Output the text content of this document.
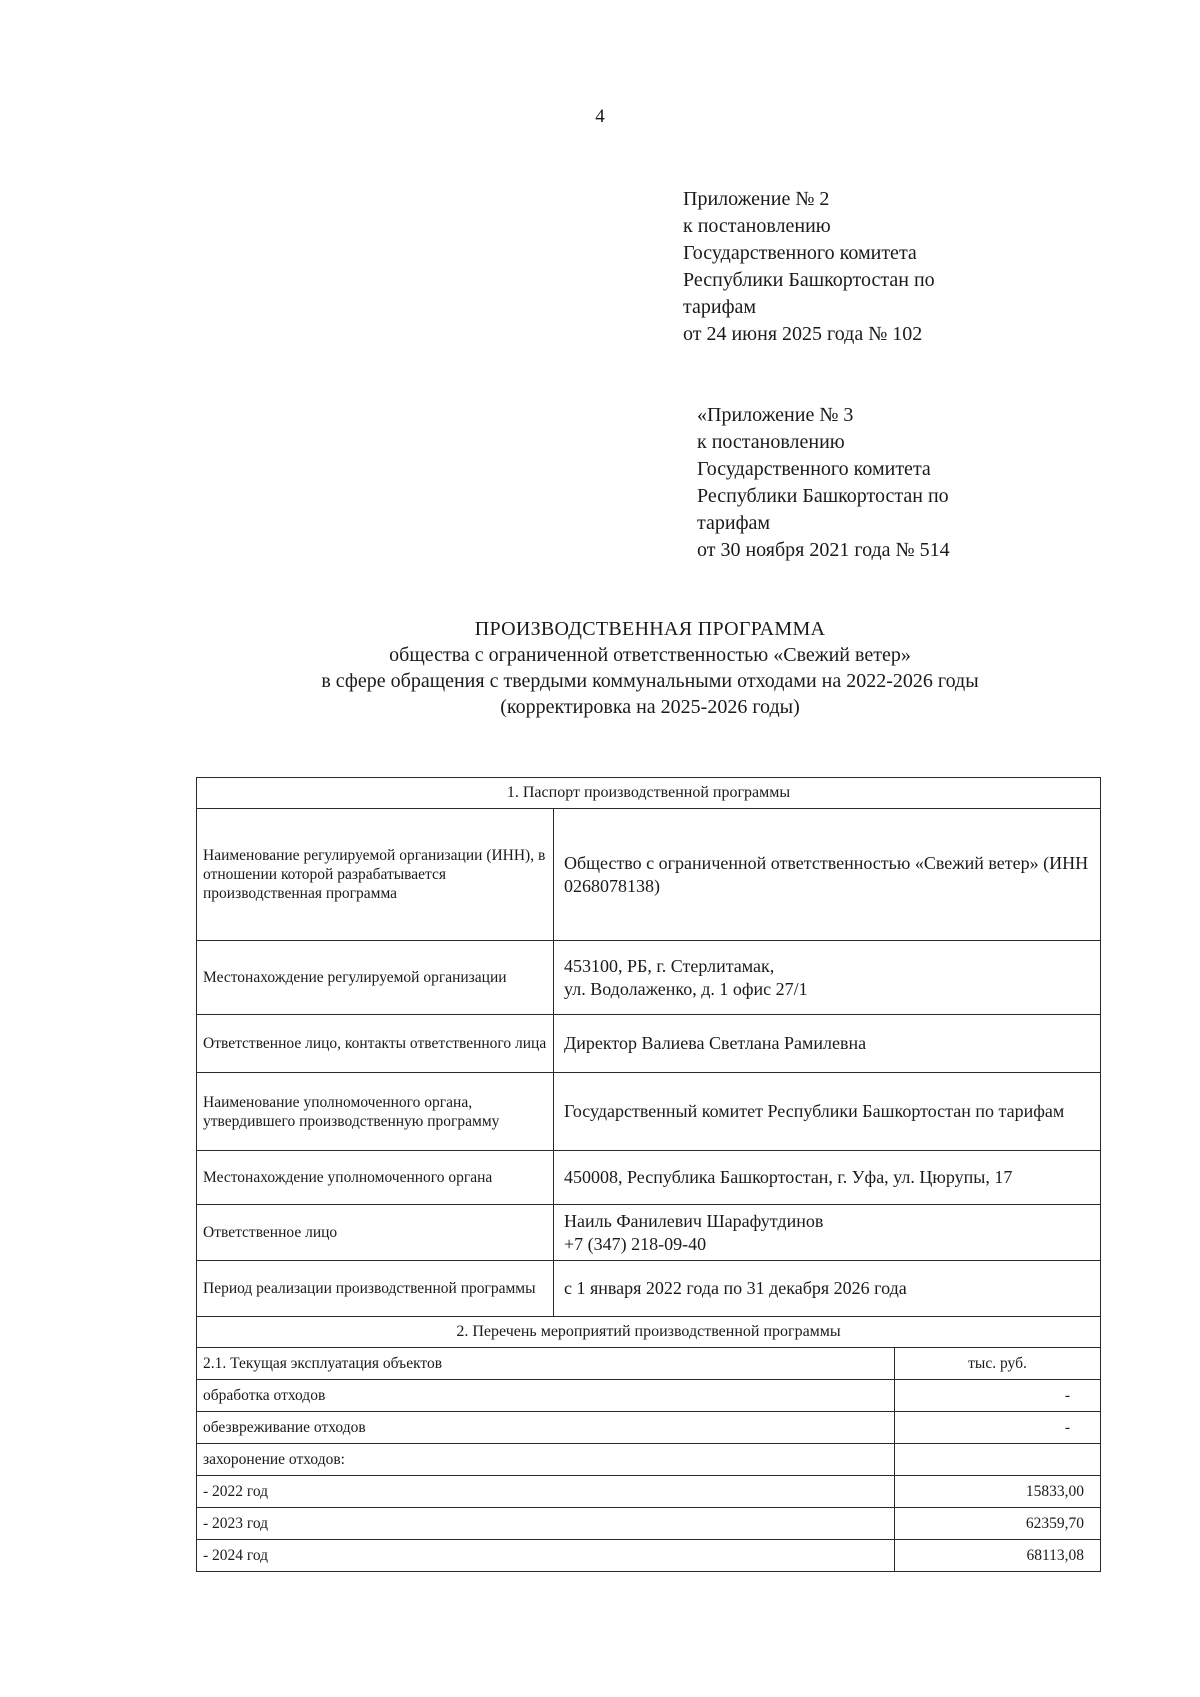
4
Приложение № 2
к постановлению
Государственного комитета
Республики Башкортостан по
тарифам
от 24 июня 2025 года № 102
«Приложение № 3
к постановлению
Государственного комитета
Республики Башкортостан по
тарифам
от 30 ноября 2021 года № 514
ПРОИЗВОДСТВЕННАЯ ПРОГРАММА
общества с ограниченной ответственностью «Свежий ветер»
в сфере обращения с твердыми коммунальными отходами на 2022-2026 годы
(корректировка на 2025-2026 годы)
1. Паспорт производственной программы		
Наименование регулируемой организации (ИНН), в отношении которой разрабатывается производственная программа	Общество с ограниченной ответственностью «Свежий ветер» (ИНН 0268078138)	
Местонахождение регулируемой организации	453100, РБ, г. Стерлитамак,
ул. Водолаженко, д. 1 офис 27/1	

Ответственное лицо, контакты ответственного лица	Директор Валиева Светлана Рамилевна	
Наименование уполномоченного органа, утвердившего производственную программу	Государственный комитет Республики Башкортостан по тарифам	
Местонахождение уполномоченного органа	450008, Республика Башкортостан, г. Уфа, ул. Цюрупы, 17	
Ответственное лицо	Наиль Фанилевич Шарафутдинов
+7 (347) 218-09-40	

Период реализации производственной программы	с 1 января 2022 года по 31 декабря 2026 года	
2. Перечень мероприятий производственной программы		
2.1. Текущая эксплуатация объектов		тыс. руб.
обработка отходов		-
обезвреживание отходов		-
захоронение отходов:		
- 2022 год		15833,00
- 2023 год		62359,70
- 2024 год		68113,08
